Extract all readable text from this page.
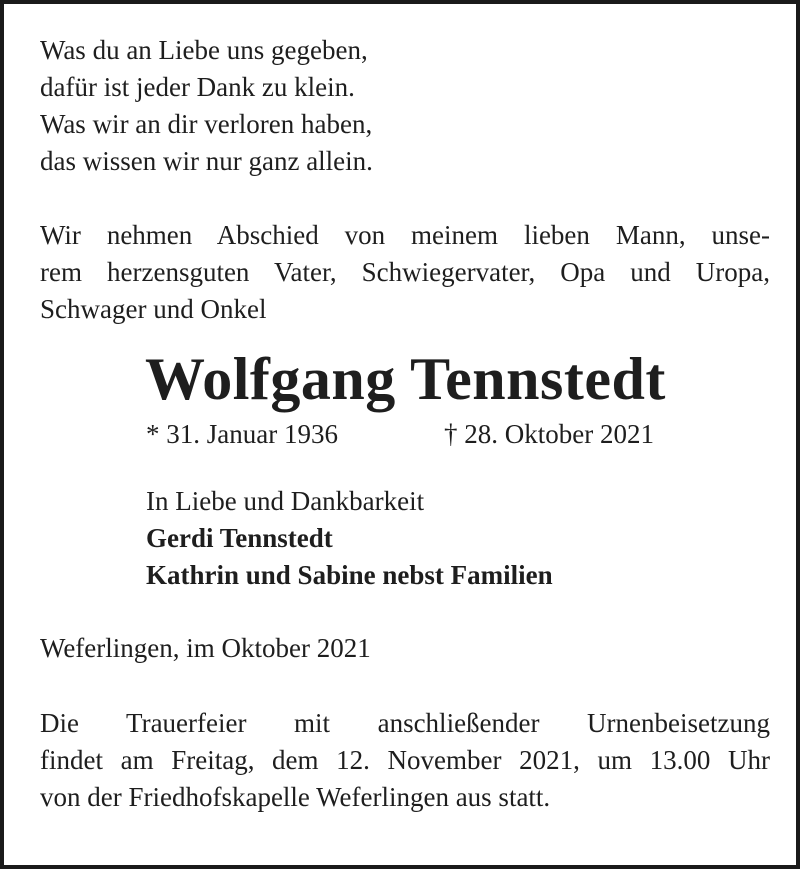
Was du an Liebe uns gegeben,
dafür ist jeder Dank zu klein.
Was wir an dir verloren haben,
das wissen wir nur ganz allein.
Wir nehmen Abschied von meinem lieben Mann, unse-
rem herzensguten Vater, Schwiegervater, Opa und Uropa,
Schwager und Onkel
Wolfgang Tennstedt
* 31. Januar 1936	† 28. Oktober 2021
In Liebe und Dankbarkeit
Gerdi Tennstedt
Kathrin und Sabine nebst Familien
Weferlingen, im Oktober 2021
Die Trauerfeier mit anschließender Urnenbeisetzung
findet am Freitag, dem 12. November 2021, um 13.00 Uhr
von der Friedhofskapelle Weferlingen aus statt.
